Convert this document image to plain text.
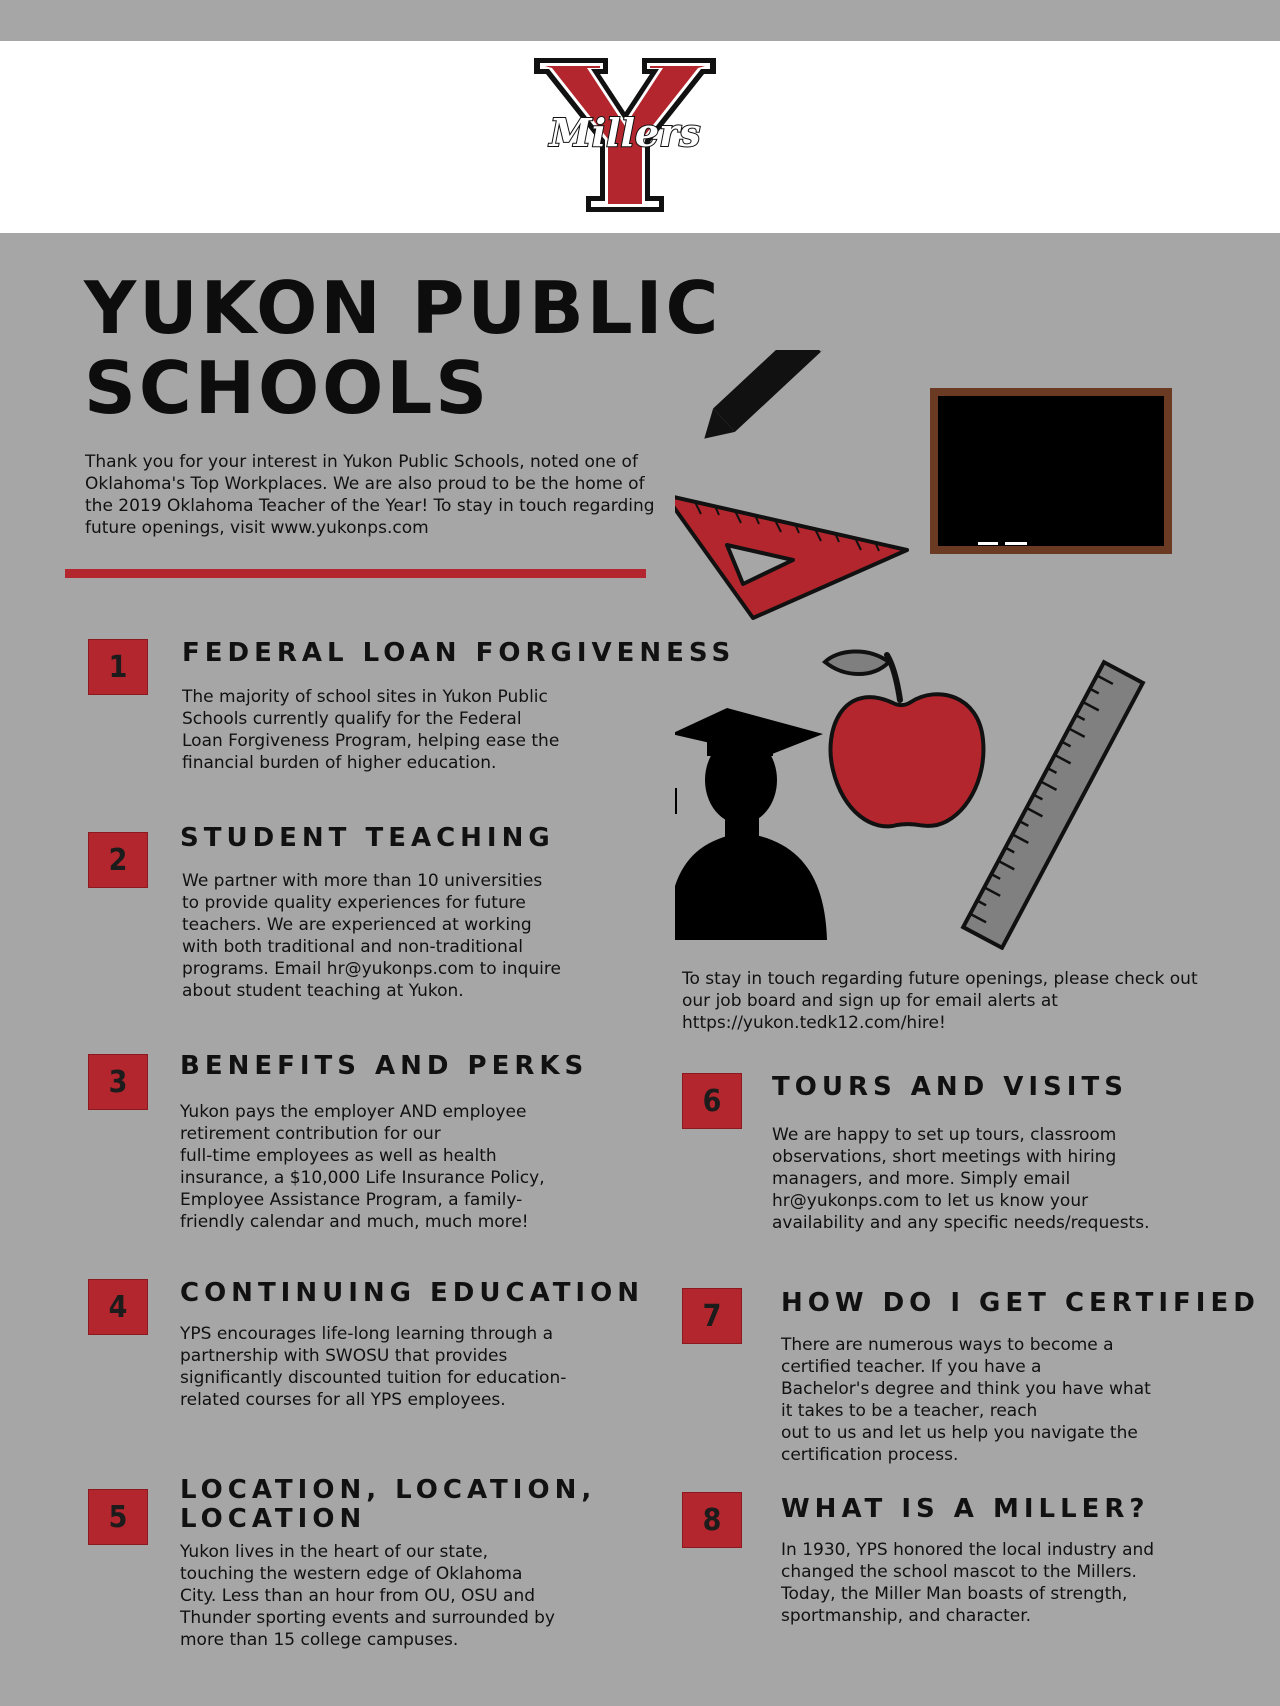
Millers
YUKON PUBLIC
SCHOOLS

Thank you for your interest in Yukon Public Schools, noted one of Oklahoma's Top Workplaces. We are also proud to be the home of the 2019 Oklahoma Teacher of the Year! To stay in touch regarding future openings, visit www.yukonps.com

To stay in touch regarding future openings, please check out our job board and sign up for email alerts at https://yukon.tedk12.com/hire!

1	FEDERAL LOAN FORGIVENESS

The majority of school sites in Yukon Public
Schools currently qualify for the Federal
Loan Forgiveness Program, helping ease the
financial burden of higher education.

2
STUDENT TEACHING

We partner with more than 10 universities
to provide quality experiences for future
teachers. We are experienced at working
with both traditional and non-traditional
programs. Email hr@yukonps.com to inquire
about student teaching at Yukon.

3	BENEFITS AND PERKS

Yukon pays the employer AND employee
retirement contribution for our
full-time employees as well as health
insurance, a $10,000 Life Insurance Policy,
Employee Assistance Program, a family-
friendly calendar and much, much more!

4	CONTINUING EDUCATION

YPS encourages life-long learning through a
partnership with SWOSU that provides
significantly discounted tuition for education-
related courses for all YPS employees.

5
LOCATION, LOCATION,
LOCATION

Yukon lives in the heart of our state,
touching the western edge of Oklahoma
City. Less than an hour from OU, OSU and
Thunder sporting events and surrounded by
more than 15 college campuses.

6	TOURS AND VISITS

We are happy to set up tours, classroom
observations, short meetings with hiring
managers, and more. Simply email
hr@yukonps.com to let us know your
availability and any specific needs/requests.

7	HOW DO I GET CERTIFIED

There are numerous ways to become a
certified teacher. If you have a
Bachelor's degree and think you have what
it takes to be a teacher, reach
out to us and let us help you navigate the
certification process.

8	WHAT IS A MILLER?

In 1930, YPS honored the local industry and
changed the school mascot to the Millers.
Today, the Miller Man boasts of strength,
sportmanship, and character.
